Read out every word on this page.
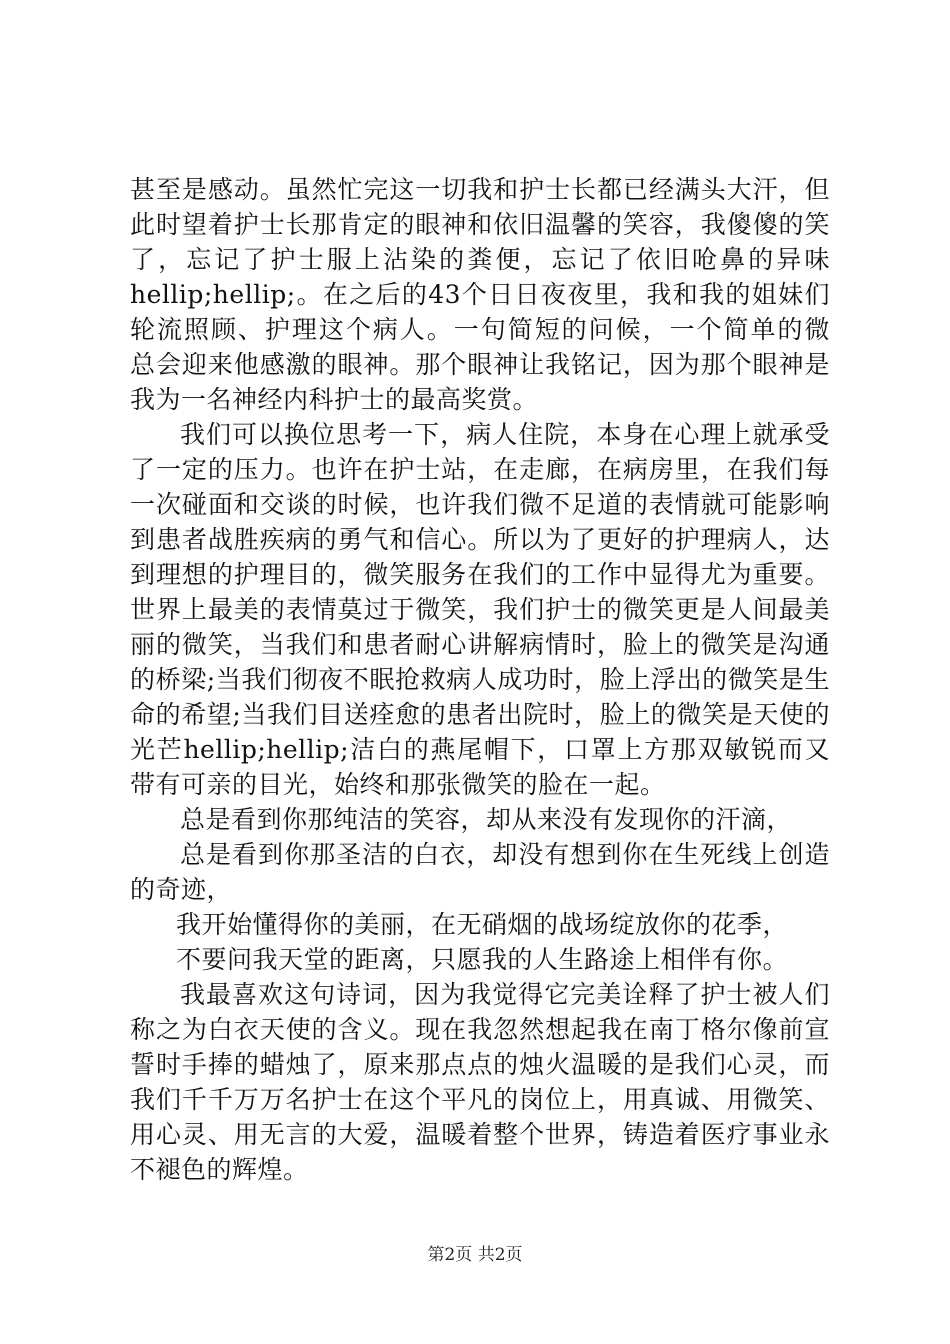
甚至是感动。虽然忙完这一切我和护士长都已经满头大汗，但
此时望着护士长那肯定的眼神和依旧温馨的笑容，我傻傻的笑
了，忘记了护士服上沾染的粪便，忘记了依旧呛鼻的异味
hellip;hellip;。在之后的43个日日夜夜里，我和我的姐妹们
轮流照顾、护理这个病人。一句简短的问候，一个简单的微
总会迎来他感激的眼神。那个眼神让我铭记，因为那个眼神是
我为一名神经内科护士的最高奖赏。
我们可以换位思考一下，病人住院，本身在心理上就承受
了一定的压力。也许在护士站，在走廊，在病房里，在我们每
一次碰面和交谈的时候，也许我们微不足道的表情就可能影响
到患者战胜疾病的勇气和信心。所以为了更好的护理病人，达
到理想的护理目的，微笑服务在我们的工作中显得尤为重要。
世界上最美的表情莫过于微笑，我们护士的微笑更是人间最美
丽的微笑，当我们和患者耐心讲解病情时，脸上的微笑是沟通
的桥梁;当我们彻夜不眠抢救病人成功时，脸上浮出的微笑是生
命的希望;当我们目送痊愈的患者出院时，脸上的微笑是天使的
光芒hellip;hellip;洁白的燕尾帽下，口罩上方那双敏锐而又
带有可亲的目光，始终和那张微笑的脸在一起。
总是看到你那纯洁的笑容，却从来没有发现你的汗滴，
总是看到你那圣洁的白衣，却没有想到你在生死线上创造
的奇迹，
我开始懂得你的美丽，在无硝烟的战场绽放你的花季，
不要问我天堂的距离，只愿我的人生路途上相伴有你。
我最喜欢这句诗词，因为我觉得它完美诠释了护士被人们
称之为白衣天使的含义。现在我忽然想起我在南丁格尔像前宣
誓时手捧的蜡烛了，原来那点点的烛火温暖的是我们心灵，而
我们千千万万名护士在这个平凡的岗位上，用真诚、用微笑、
用心灵、用无言的大爱，温暖着整个世界，铸造着医疗事业永
不褪色的辉煌。
第2页 共2页
